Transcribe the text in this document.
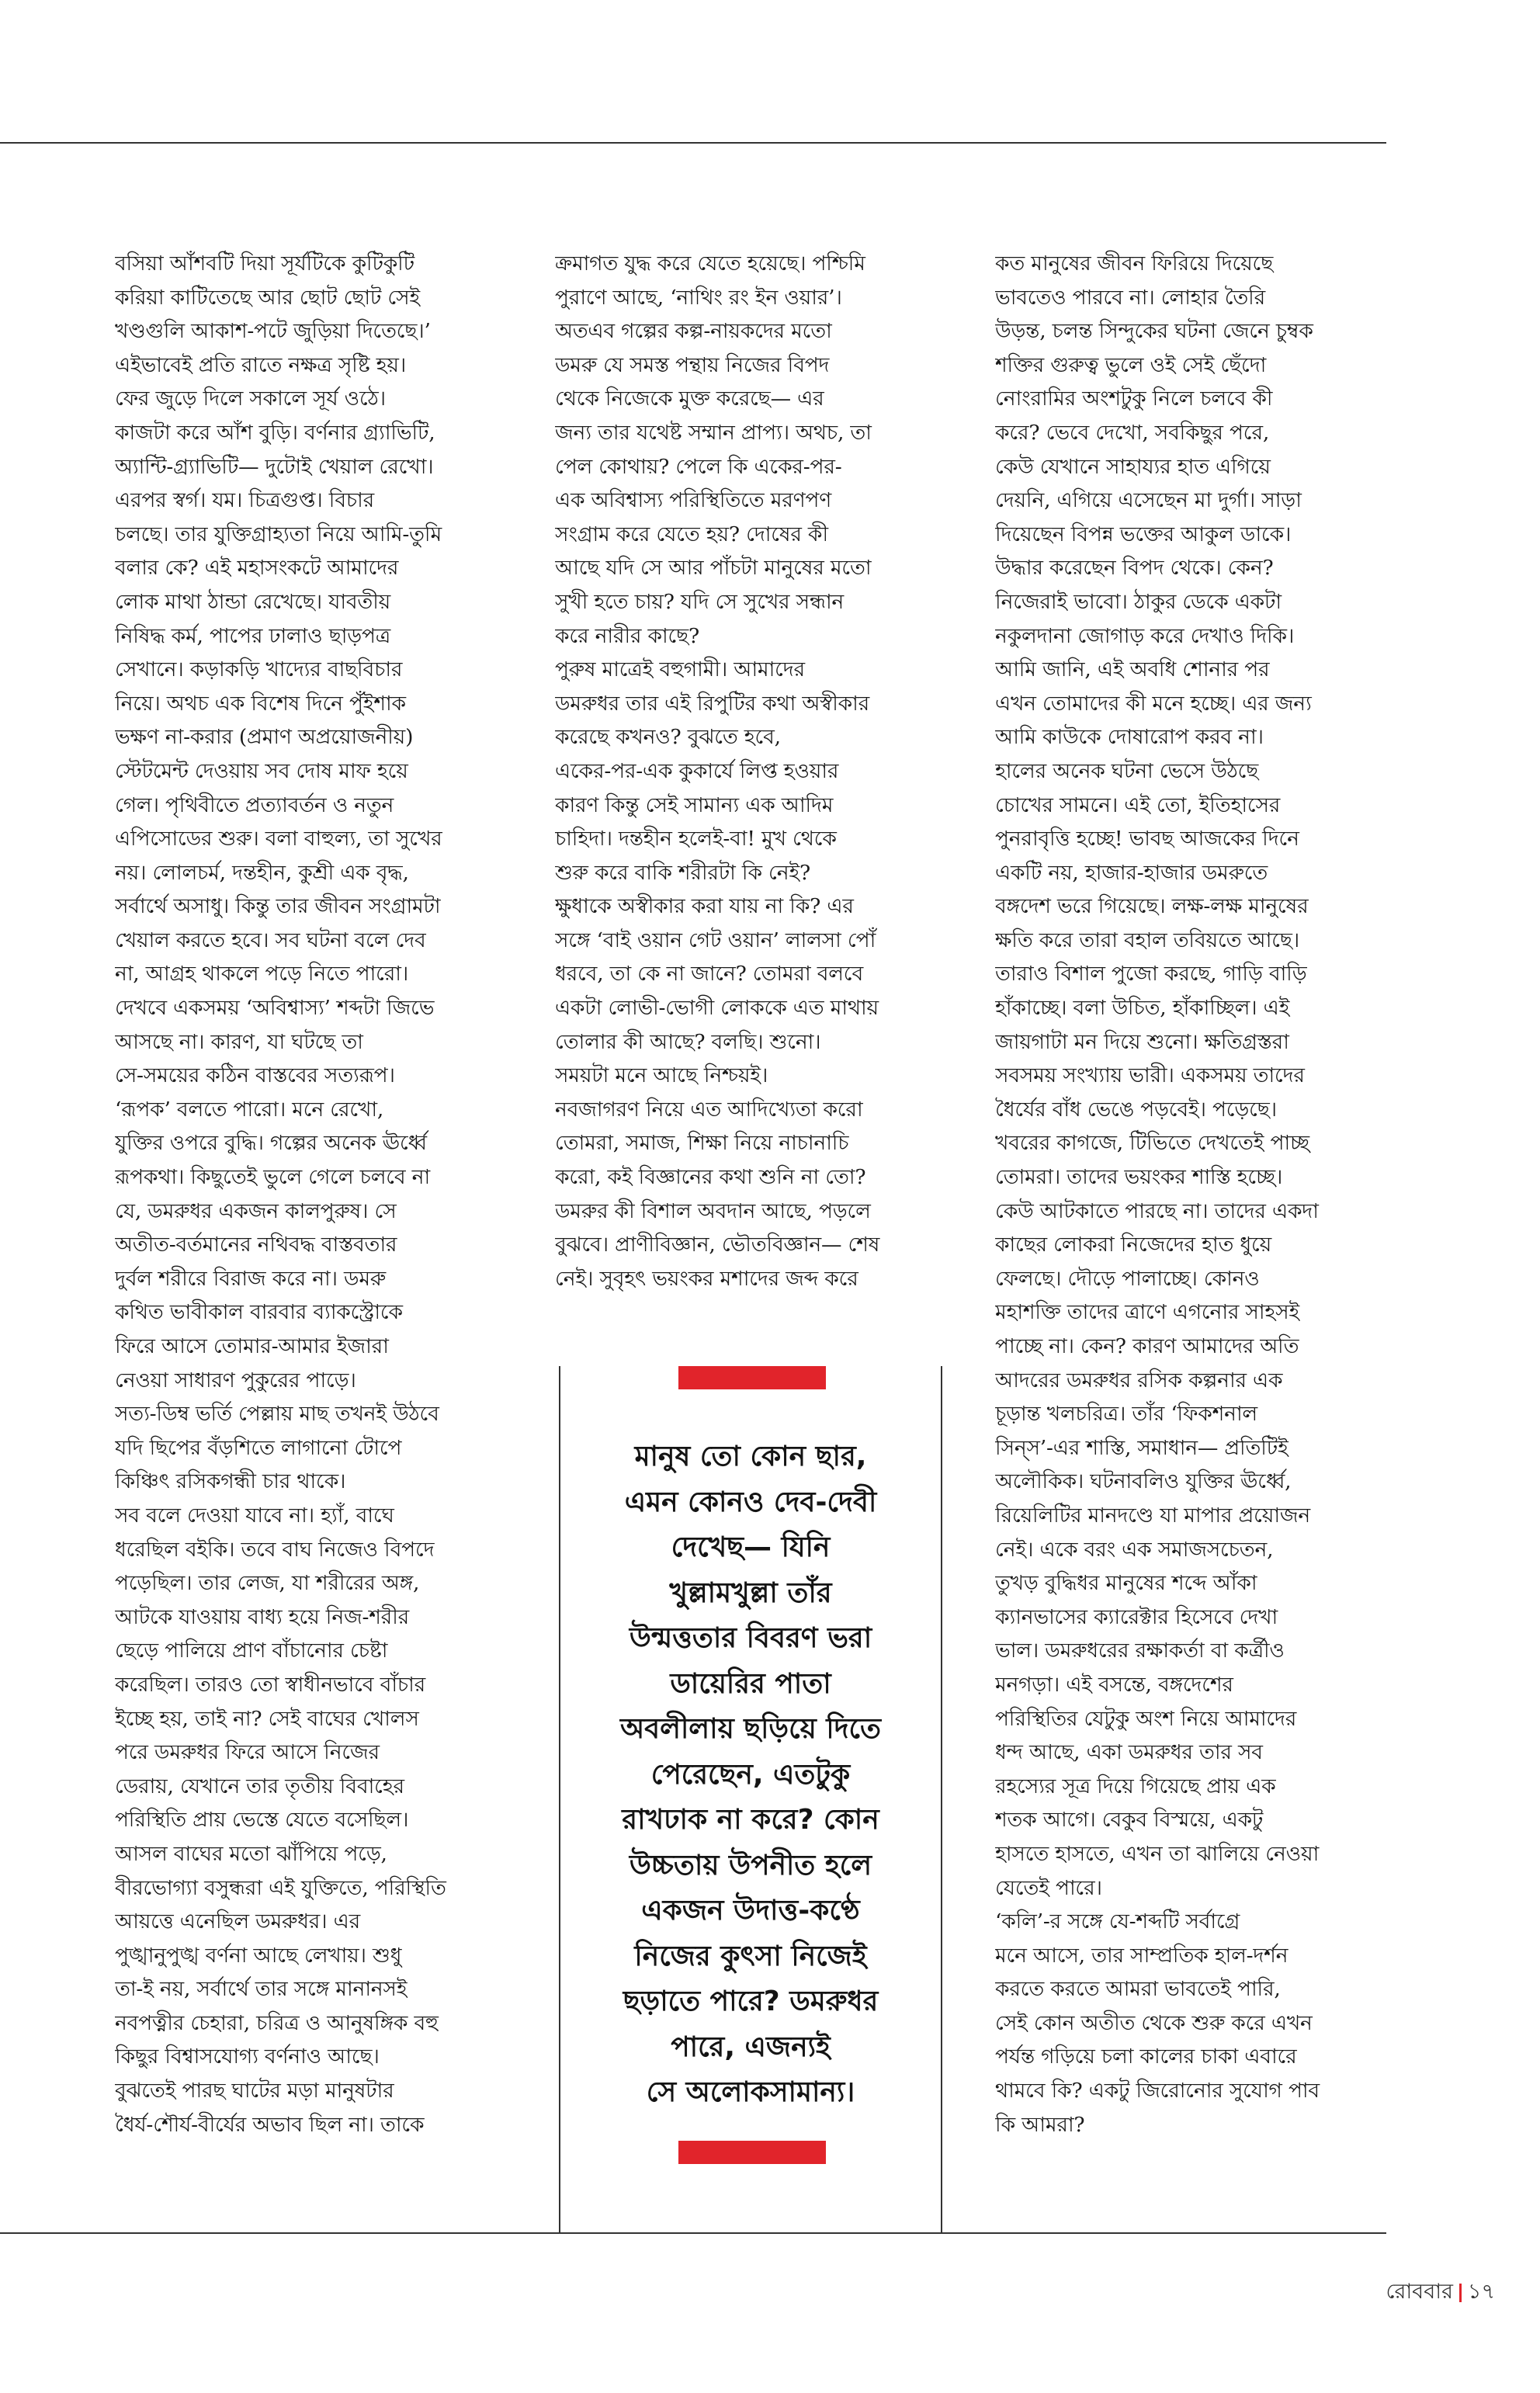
বসিয়া আঁশবটি দিয়া সূর্যটিকে কুটিকুটি
করিয়া কাটিতেছে আর ছোট ছোট সেই
খণ্ডগুলি আকাশ-পটে জুড়িয়া দিতেছে।’
এইভাবেই প্রতি রাতে নক্ষত্র সৃষ্টি হয়।
ফের জুড়ে দিলে সকালে সূর্য ওঠে।
কাজটা করে আঁশ বুড়ি। বর্ণনার গ্র্যাভিটি,
অ্যান্টি-গ্র্যাভিটি— দুটোই খেয়াল রেখো।
এরপর স্বর্গ। যম। চিত্রগুপ্ত। বিচার
চলছে। তার যুক্তিগ্রাহ্যতা নিয়ে আমি-তুমি
বলার কে? এই মহাসংকটে আমাদের
লোক মাথা ঠান্ডা রেখেছে। যাবতীয়
নিষিদ্ধ কর্ম, পাপের ঢালাও ছাড়পত্র
সেখানে। কড়াকড়ি খাদ্যের বাছবিচার
নিয়ে। অথচ এক বিশেষ দিনে পুঁইশাক
ভক্ষণ না-করার (প্রমাণ অপ্রয়োজনীয়)
স্টেটমেন্ট দেওয়ায় সব দোষ মাফ হয়ে
গেল। পৃথিবীতে প্রত্যাবর্তন ও নতুন
এপিসোডের শুরু। বলা বাহুল্য, তা সুখের
নয়। লোলচর্ম, দন্তহীন, কুশ্রী এক বৃদ্ধ,
সর্বার্থে অসাধু। কিন্তু তার জীবন সংগ্রামটা
খেয়াল করতে হবে। সব ঘটনা বলে দেব
না, আগ্রহ থাকলে পড়ে নিতে পারো।
দেখবে একসময় ‘অবিশ্বাস্য’ শব্দটা জিভে
আসছে না। কারণ, যা ঘটছে তা
সে-সময়ের কঠিন বাস্তবের সত্যরূপ।
‘রূপক’ বলতে পারো। মনে রেখো,
যুক্তির ওপরে বুদ্ধি। গল্পের অনেক ঊর্ধ্বে
রূপকথা। কিছুতেই ভুলে গেলে চলবে না
যে, ডমরুধর একজন কালপুরুষ। সে
অতীত-বর্তমানের নথিবদ্ধ বাস্তবতার
দুর্বল শরীরে বিরাজ করে না। ডমরু
কথিত ভাবীকাল বারবার ব্যাকস্ট্রোকে
ফিরে আসে তোমার-আমার ইজারা
নেওয়া সাধারণ পুকুরের পাড়ে।
সত্য-ডিম্ব ভর্তি পেল্লায় মাছ তখনই উঠবে
যদি ছিপের বঁড়শিতে লাগানো টোপে
কিঞ্চিৎ রসিকগন্ধী চার থাকে।
সব বলে দেওয়া যাবে না। হ্যাঁ, বাঘে
ধরেছিল বইকি। তবে বাঘ নিজেও বিপদে
পড়েছিল। তার লেজ, যা শরীরের অঙ্গ,
আটকে যাওয়ায় বাধ্য হয়ে নিজ-শরীর
ছেড়ে পালিয়ে প্রাণ বাঁচানোর চেষ্টা
করেছিল। তারও তো স্বাধীনভাবে বাঁচার
ইচ্ছে হয়, তাই না? সেই বাঘের খোলস
পরে ডমরুধর ফিরে আসে নিজের
ডেরায়, যেখানে তার তৃতীয় বিবাহের
পরিস্থিতি প্রায় ভেস্তে যেতে বসেছিল।
আসল বাঘের মতো ঝাঁপিয়ে পড়ে,
বীরভোগ্যা বসুন্ধরা এই যুক্তিতে, পরিস্থিতি
আয়ত্তে এনেছিল ডমরুধর। এর
পুঙ্খানুপুঙ্খ বর্ণনা আছে লেখায়। শুধু
তা-ই নয়, সর্বার্থে তার সঙ্গে মানানসই
নবপত্নীর চেহারা, চরিত্র ও আনুষঙ্গিক বহু
কিছুর বিশ্বাসযোগ্য বর্ণনাও আছে।
বুঝতেই পারছ ঘাটের মড়া মানুষটার
ধৈর্য-শৌর্য-বীর্যের অভাব ছিল না। তাকে
ক্রমাগত যুদ্ধ করে যেতে হয়েছে। পশ্চিমি
পুরাণে আছে, ‘নাথিং রং ইন ওয়ার’।
অতএব গল্পের কল্প-নায়কদের মতো
ডমরু যে সমস্ত পন্থায় নিজের বিপদ
থেকে নিজেকে মুক্ত করেছে— এর
জন্য তার যথেষ্ট সম্মান প্রাপ্য। অথচ, তা
পেল কোথায়? পেলে কি একের-পর-
এক অবিশ্বাস্য পরিস্থিতিতে মরণপণ
সংগ্রাম করে যেতে হয়? দোষের কী
আছে যদি সে আর পাঁচটা মানুষের মতো
সুখী হতে চায়? যদি সে সুখের সন্ধান
করে নারীর কাছে?
পুরুষ মাত্রেই বহুগামী। আমাদের
ডমরুধর তার এই রিপুটির কথা অস্বীকার
করেছে কখনও? বুঝতে হবে,
একের-পর-এক কুকার্যে লিপ্ত হওয়ার
কারণ কিন্তু সেই সামান্য এক আদিম
চাহিদা। দন্তহীন হলেই-বা! মুখ থেকে
শুরু করে বাকি শরীরটা কি নেই?
ক্ষুধাকে অস্বীকার করা যায় না কি? এর
সঙ্গে ‘বাই ওয়ান গেট ওয়ান’ লালসা পোঁ
ধরবে, তা কে না জানে? তোমরা বলবে
একটা লোভী-ভোগী লোককে এত মাথায়
তোলার কী আছে? বলছি। শুনো।
সময়টা মনে আছে নিশ্চয়ই।
নবজাগরণ নিয়ে এত আদিখ্যেতা করো
তোমরা, সমাজ, শিক্ষা নিয়ে নাচানাচি
করো, কই বিজ্ঞানের কথা শুনি না তো?
ডমরুর কী বিশাল অবদান আছে, পড়লে
বুঝবে। প্রাণীবিজ্ঞান, ভৌতবিজ্ঞান— শেষ
নেই। সুবৃহৎ ভয়ংকর মশাদের জব্দ করে
কত মানুষের জীবন ফিরিয়ে দিয়েছে
ভাবতেও পারবে না। লোহার তৈরি
উড়ন্ত, চলন্ত সিন্দুকের ঘটনা জেনে চুম্বক
শক্তির গুরুত্ব ভুলে ওই সেই ছেঁদো
নোংরামির অংশটুকু নিলে চলবে কী
করে? ভেবে দেখো, সবকিছুর পরে,
কেউ যেখানে সাহায্যর হাত এগিয়ে
দেয়নি, এগিয়ে এসেছেন মা দুর্গা। সাড়া
দিয়েছেন বিপন্ন ভক্তের আকুল ডাকে।
উদ্ধার করেছেন বিপদ থেকে। কেন?
নিজেরাই ভাবো। ঠাকুর ডেকে একটা
নকুলদানা জোগাড় করে দেখাও দিকি।
আমি জানি, এই অবধি শোনার পর
এখন তোমাদের কী মনে হচ্ছে। এর জন্য
আমি কাউকে দোষারোপ করব না।
হালের অনেক ঘটনা ভেসে উঠছে
চোখের সামনে। এই তো, ইতিহাসের
পুনরাবৃত্তি হচ্ছে! ভাবছ আজকের দিনে
একটি নয়, হাজার-হাজার ডমরুতে
বঙ্গদেশ ভরে গিয়েছে। লক্ষ-লক্ষ মানুষের
ক্ষতি করে তারা বহাল তবিয়তে আছে।
তারাও বিশাল পুজো করছে, গাড়ি বাড়ি
হাঁকাচ্ছে। বলা উচিত, হাঁকাচ্ছিল। এই
জায়গাটা মন দিয়ে শুনো। ক্ষতিগ্রস্তরা
সবসময় সংখ্যায় ভারী। একসময় তাদের
ধৈর্যের বাঁধ ভেঙে পড়বেই। পড়েছে।
খবরের কাগজে, টিভিতে দেখতেই পাচ্ছ
তোমরা। তাদের ভয়ংকর শাস্তি হচ্ছে।
কেউ আটকাতে পারছে না। তাদের একদা
কাছের লোকরা নিজেদের হাত ধুয়ে
ফেলছে। দৌড়ে পালাচ্ছে। কোনও
মহাশক্তি তাদের ত্রাণে এগনোর সাহসই
পাচ্ছে না। কেন? কারণ আমাদের অতি
আদরের ডমরুধর রসিক কল্পনার এক
চূড়ান্ত খলচরিত্র। তাঁর ‘ফিকশনাল
সিন্‌স’-এর শাস্তি, সমাধান— প্রতিটিই
অলৌকিক। ঘটনাবলিও যুক্তির ঊর্ধ্বে,
রিয়েলিটির মানদণ্ডে যা মাপার প্রয়োজন
নেই। একে বরং এক সমাজসচেতন,
তুখড় বুদ্ধিধর মানুষের শব্দে আঁকা
ক্যানভাসের ক্যারেক্টার হিসেবে দেখা
ভাল। ডমরুধরের রক্ষাকর্তা বা কর্ত্রীও
মনগড়া। এই বসন্তে, বঙ্গদেশের
পরিস্থিতির যেটুকু অংশ নিয়ে আমাদের
ধন্দ আছে, একা ডমরুধর তার সব
রহস্যের সূত্র দিয়ে গিয়েছে প্রায় এক
শতক আগে। বেকুব বিস্ময়ে, একটু
হাসতে হাসতে, এখন তা ঝালিয়ে নেওয়া
যেতেই পারে।
‘কলি’-র সঙ্গে যে-শব্দটি সর্বাগ্রে
মনে আসে, তার সাম্প্রতিক হাল-দর্শন
করতে করতে আমরা ভাবতেই পারি,
সেই কোন অতীত থেকে শুরু করে এখন
পর্যন্ত গড়িয়ে চলা কালের চাকা এবারে
থামবে কি? একটু জিরোনোর সুযোগ পাব
কি আমরা?
মানুষ তো কোন ছার,
এমন কোনও দেব-দেবী
দেখেছ— যিনি
খুল্লামখুল্লা তাঁর
উন্মত্ততার বিবরণ ভরা
ডায়েরির পাতা
অবলীলায় ছড়িয়ে দিতে
পেরেছেন, এতটুকু
রাখঢাক না করে? কোন
উচ্চতায় উপনীত হলে
একজন উদাত্ত-কণ্ঠে
নিজের কুৎসা নিজেই
ছড়াতে পারে? ডমরুধর
পারে, এজন্যই
সে অলোকসামান্য।
রোববার ১৭
